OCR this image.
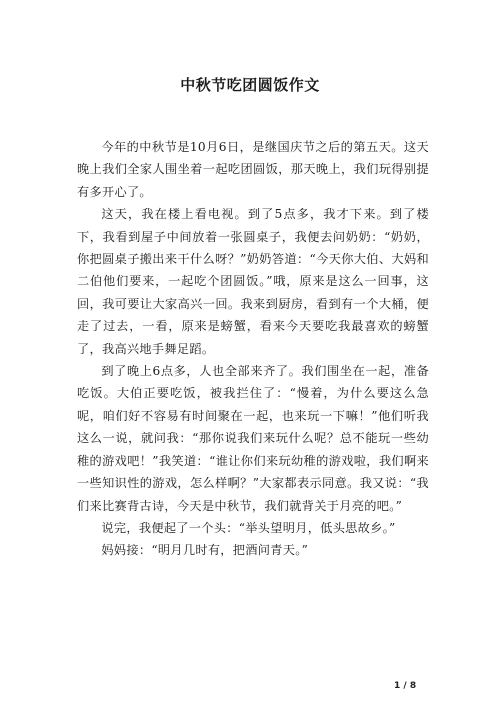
中秋节吃团圆饭作文

今年的中秋节是10月6日，是继国庆节之后的第五天。这天晚上我们全家人围坐着一起吃团圆饭，那天晚上，我们玩得别提有多开心了。

这天，我在楼上看电视。到了5点多，我才下来。到了楼下，我看到屋子中间放着一张圆桌子，我便去问奶奶：“奶奶，你把圆桌子搬出来干什么呀？”奶奶答道：“今天你大伯、大妈和二伯他们要来，一起吃个团圆饭。”哦，原来是这么一回事，这回，我可要让大家高兴一回。我来到厨房，看到有一个大桶，便走了过去，一看，原来是螃蟹，看来今天要吃我最喜欢的螃蟹了，我高兴地手舞足蹈。

到了晚上6点多，人也全部来齐了。我们围坐在一起，准备吃饭。大伯正要吃饭，被我拦住了：“慢着，为什么要这么急呢，咱们好不容易有时间聚在一起，也来玩一下嘛！”他们听我这么一说，就问我：“那你说我们来玩什么呢？总不能玩一些幼稚的游戏吧！”我笑道：“谁让你们来玩幼稚的游戏啦，我们啊来一些知识性的游戏，怎么样啊？”大家都表示同意。我又说：“我们来比赛背古诗，今天是中秋节，我们就背关于月亮的吧。”

说完，我便起了一个头：“举头望明月，低头思故乡。”

妈妈接：“明月几时有，把酒问青天。”

1 / 8
